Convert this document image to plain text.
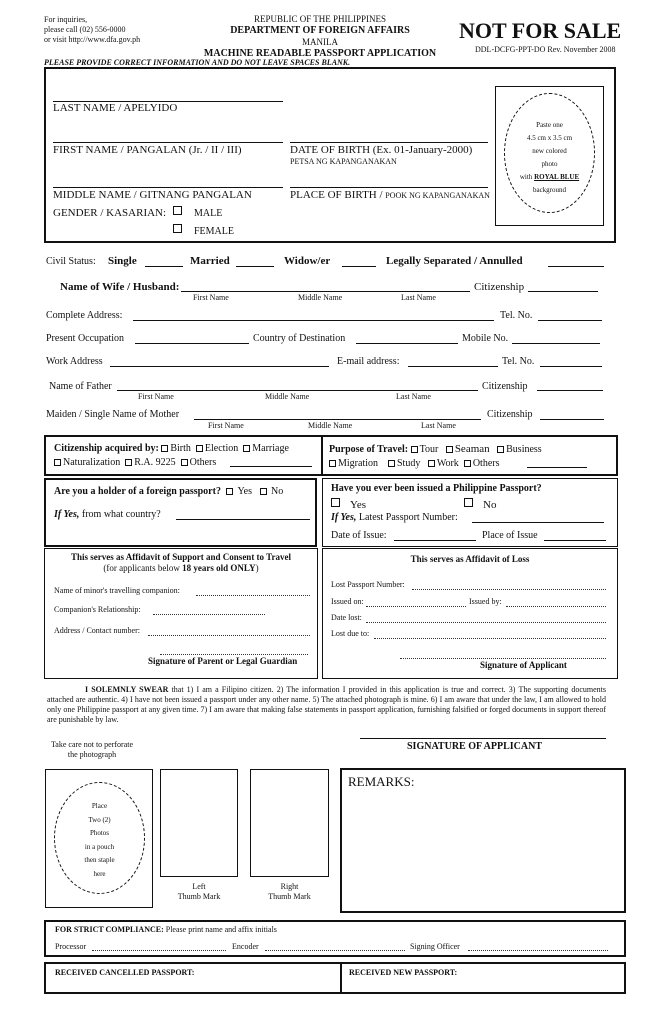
For inquiries,
please call (02) 556-0000
or visit http://www.dfa.gov.ph
REPUBLIC OF THE PHILIPPINES
DEPARTMENT OF FOREIGN AFFAIRS
MANILA
MACHINE READABLE PASSPORT APPLICATION
NOT FOR SALE
DDL-DCFG-PPT-DO Rev. November 2008
PLEASE PROVIDE CORRECT INFORMATION AND DO NOT LEAVE SPACES BLANK.
LAST NAME / APELYIDO
FIRST NAME / PANGALAN (Jr. / II / III)	DATE OF BIRTH (Ex. 01-January-2000)
PETSA NG KAPANGANAKAN
MIDDLE NAME / GITNANG PANGALAN	PLACE OF BIRTH / POOK NG KAPANGANAKAN
GENDER / KASARIAN:	MALE
FEMALE
Paste one
4.5 cm x 3.5 cm
new colored
photo
with ROYAL BLUE
background
Civil Status: Single	Married	Widow/er	Legally Separated / Annulled
Name of Wife / Husband:	Citizenship
First Name	Middle Name	Last Name
Complete Address:	Tel. No.
Present Occupation	Country of Destination	Mobile No.
Work Address	E-mail address:	Tel. No.
Name of Father	Citizenship
First Name	Middle Name	Last Name
Maiden / Single Name of Mother	Citizenship
First Name	Middle Name	Last Name
Citizenship acquired by: Birth Election Marriage
Naturalization R.A. 9225 Others
Purpose of Travel: Tour Seaman Business
Migration Study Work Others
Are you a holder of a foreign passport? Yes No
If Yes, from what country?
Have you ever been issued a Philippine Passport?
Yes	No
If Yes, Latest Passport Number:
Date of Issue:	Place of Issue
This serves as Affidavit of Support and Consent to Travel
(for applicants below 18 years old ONLY)
Name of minor's travelling companion:
Companion's Relationship:
Address / Contact number:
Signature of Parent or Legal Guardian
This serves as Affidavit of Loss
Lost Passport Number:
Issued on:	Issued by:
Date lost:
Lost due to:
Signature of Applicant
I SOLEMNLY SWEAR that 1) I am a Filipino citizen. 2) The information I provided in this application is true and correct. 3) The supporting documents attached are authentic. 4) I have not been issued a passport under any other name. 5) The attached photograph is mine. 6) I am aware that under the law, I am allowed to hold only one Philippine passport at any given time. 7) I am aware that making false statements in passport application, furnishing falsified or forged documents in support thereof are punishable by law.
Take care not to perforate
the photograph
SIGNATURE OF APPLICANT
Place
Two (2)
Photos
in a pouch
then staple
here
Left
Thumb Mark
Right
Thumb Mark
REMARKS:
FOR STRICT COMPLIANCE: Please print name and affix initials
Processor	Encoder	Signing Officer
RECEIVED CANCELLED PASSPORT:	RECEIVED NEW PASSPORT:
